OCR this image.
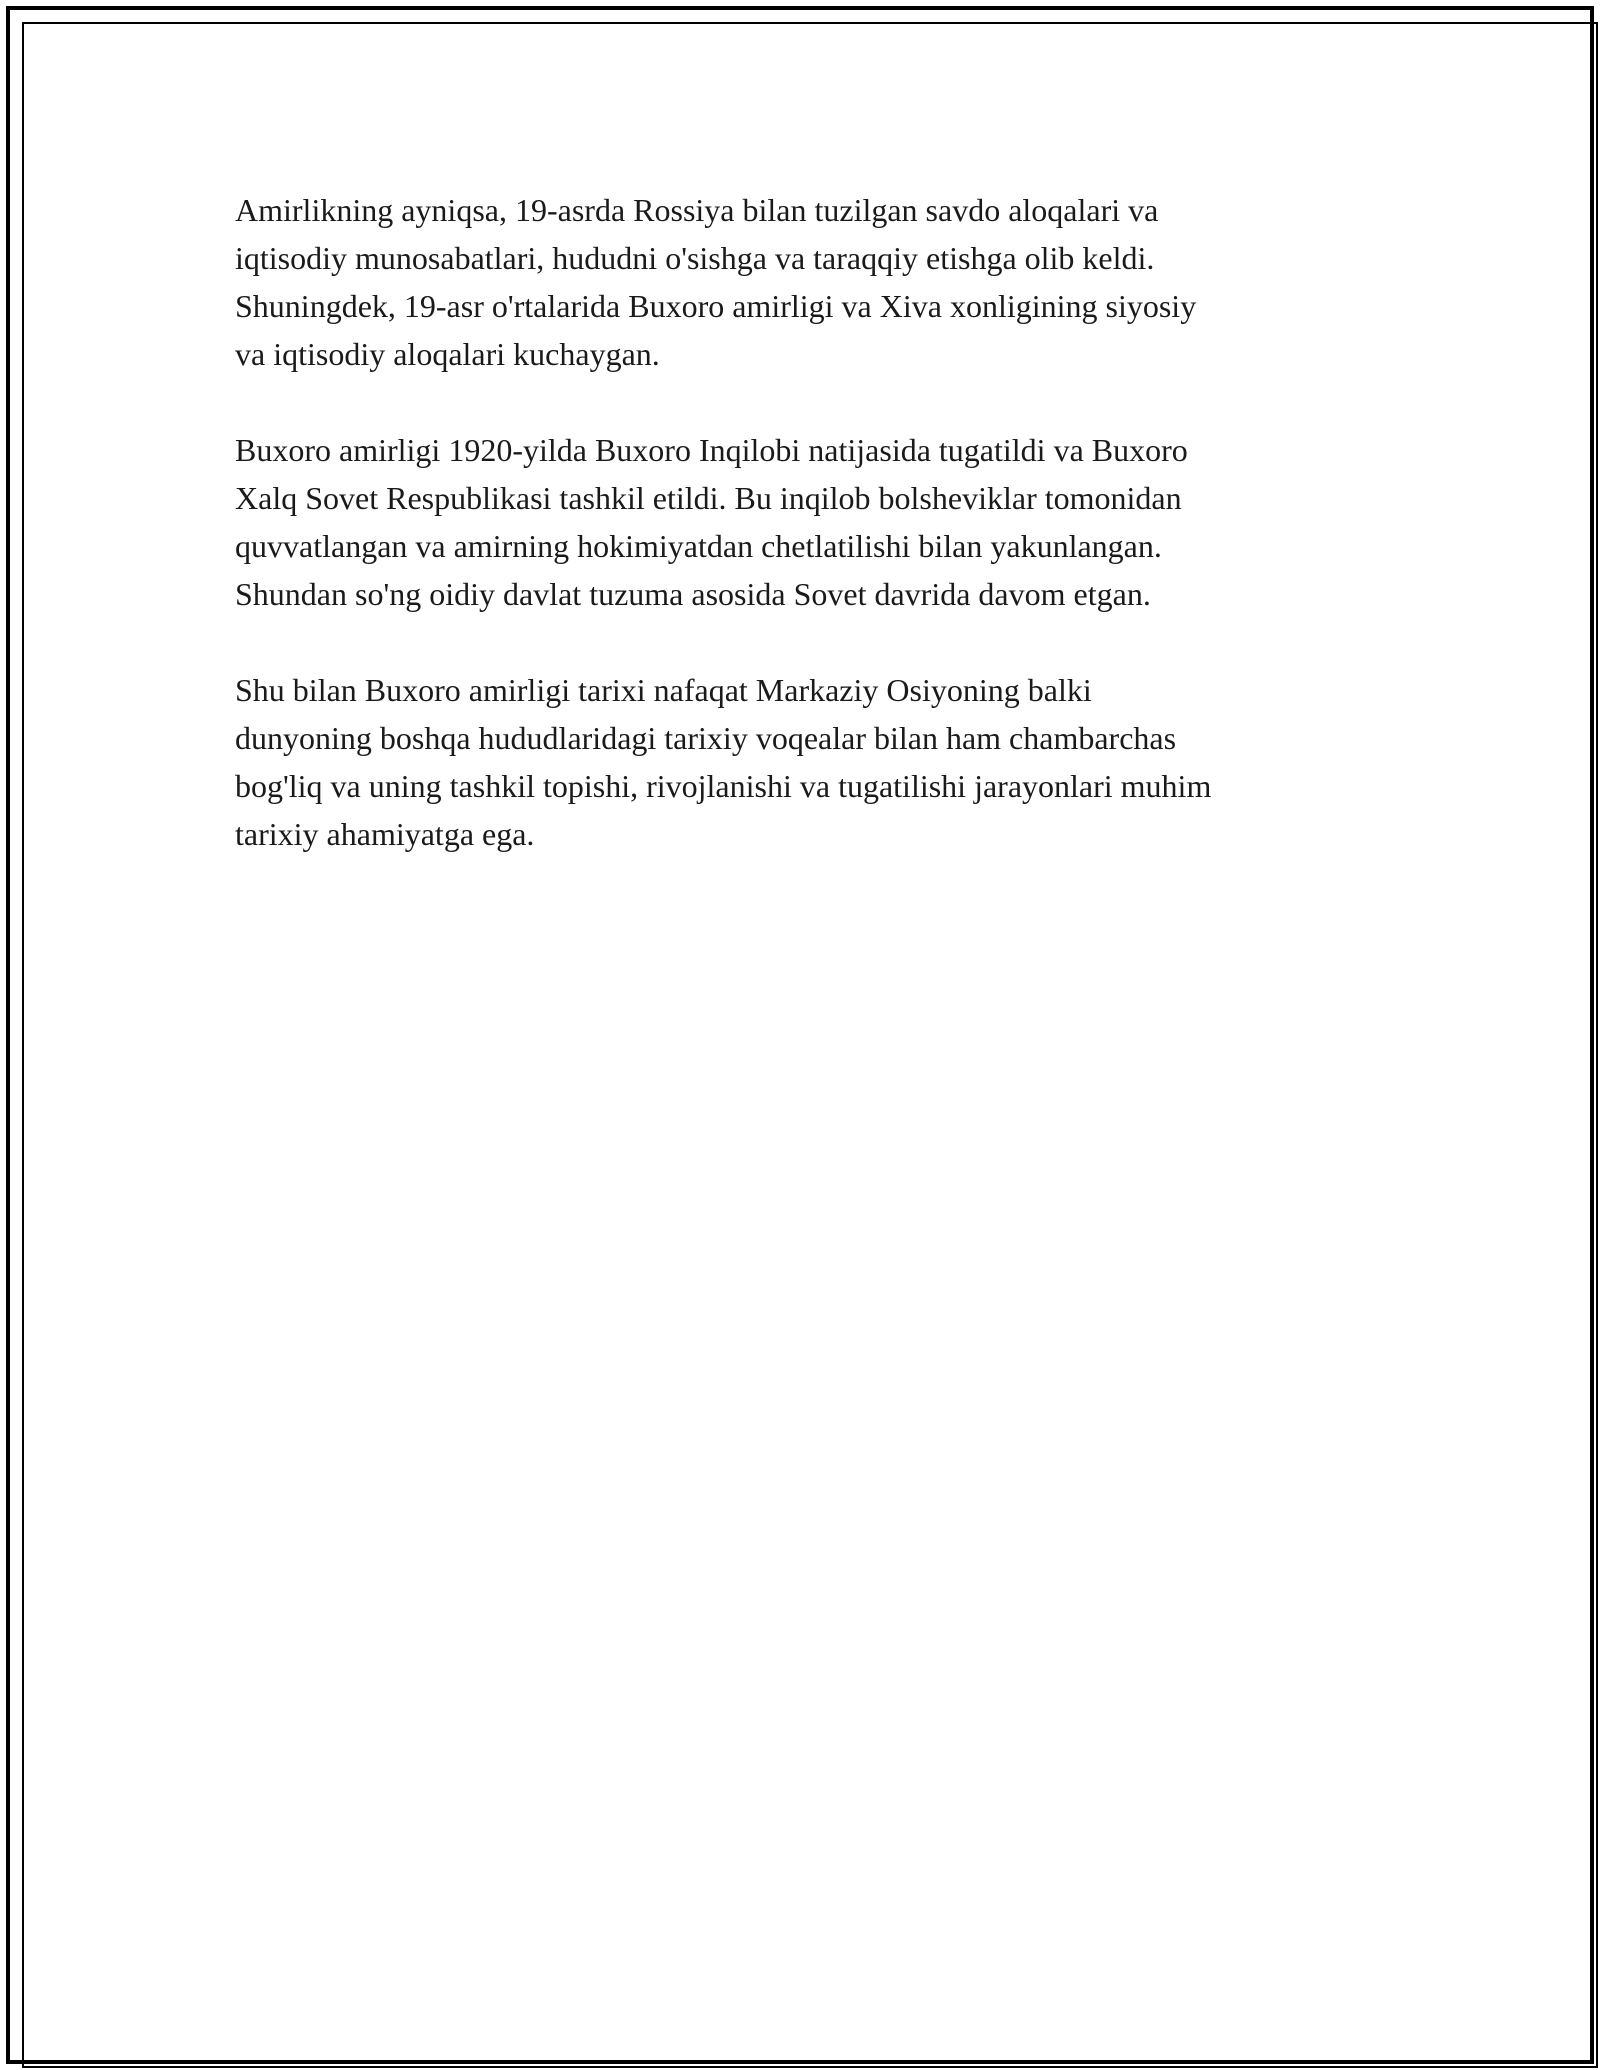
Amirlikning ayniqsa, 19-asrda Rossiya bilan tuzilgan savdo aloqalari va
iqtisodiy munosabatlari, hududni o'sishga va taraqqiy etishga olib keldi.
Shuningdek, 19-asr o'rtalarida Buxoro amirligi va Xiva xonligining siyosiy
va iqtisodiy aloqalari kuchaygan.

Buxoro amirligi 1920-yilda Buxoro Inqilobi natijasida tugatildi va Buxoro
Xalq Sovet Respublikasi tashkil etildi. Bu inqilob bolsheviklar tomonidan
quvvatlangan va amirning hokimiyatdan chetlatilishi bilan yakunlangan.
Shundan so'ng oidiy davlat tuzuma asosida Sovet davrida davom etgan.

Shu bilan Buxoro amirligi tarixi nafaqat Markaziy Osiyoning balki
dunyoning boshqa hududlaridagi tarixiy voqealar bilan ham chambarchas
bog'liq va uning tashkil topishi, rivojlanishi va tugatilishi jarayonlari muhim
tarixiy ahamiyatga ega.
